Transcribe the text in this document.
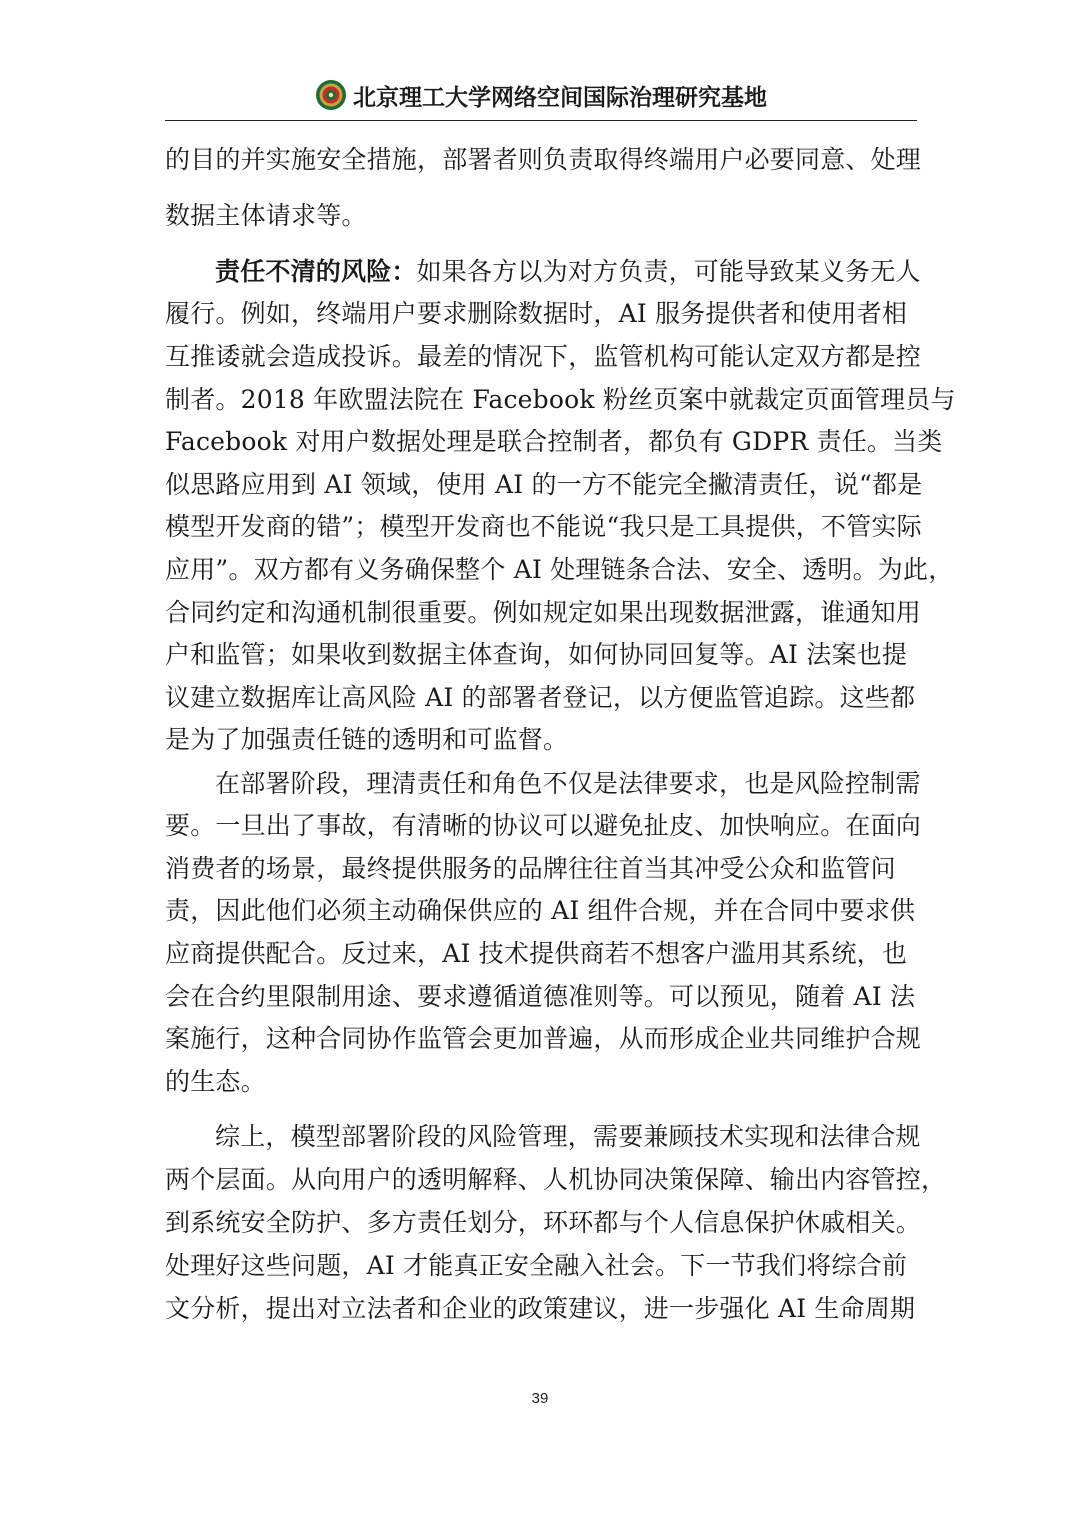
北京理工大学网络空间国际治理研究基地
的目的并实施安全措施，部署者则负责取得终端用户必要同意、处理
数据主体请求等。
责任不清的风险：如果各方以为对方负责，可能导致某义务无人
履行。例如，终端用户要求删除数据时，AI 服务提供者和使用者相
互推诿就会造成投诉。最差的情况下，监管机构可能认定双方都是控
制者。2018 年欧盟法院在 Facebook 粉丝页案中就裁定页面管理员与
Facebook 对用户数据处理是联合控制者，都负有 GDPR 责任。当类
似思路应用到 AI 领域，使用 AI 的一方不能完全撇清责任，说“都是
模型开发商的错”；模型开发商也不能说“我只是工具提供，不管实际
应用”。双方都有义务确保整个 AI 处理链条合法、安全、透明。为此，
合同约定和沟通机制很重要。例如规定如果出现数据泄露，谁通知用
户和监管；如果收到数据主体查询，如何协同回复等。AI 法案也提
议建立数据库让高风险 AI 的部署者登记，以方便监管追踪。这些都
是为了加强责任链的透明和可监督。
在部署阶段，理清责任和角色不仅是法律要求，也是风险控制需
要。一旦出了事故，有清晰的协议可以避免扯皮、加快响应。在面向
消费者的场景，最终提供服务的品牌往往首当其冲受公众和监管问
责，因此他们必须主动确保供应的 AI 组件合规，并在合同中要求供
应商提供配合。反过来，AI 技术提供商若不想客户滥用其系统，也
会在合约里限制用途、要求遵循道德准则等。可以预见，随着 AI 法
案施行，这种合同协作监管会更加普遍，从而形成企业共同维护合规
的生态。
综上，模型部署阶段的风险管理，需要兼顾技术实现和法律合规
两个层面。从向用户的透明解释、人机协同决策保障、输出内容管控，
到系统安全防护、多方责任划分，环环都与个人信息保护休戚相关。
处理好这些问题，AI 才能真正安全融入社会。下一节我们将综合前
文分析，提出对立法者和企业的政策建议，进一步强化 AI 生命周期
39
